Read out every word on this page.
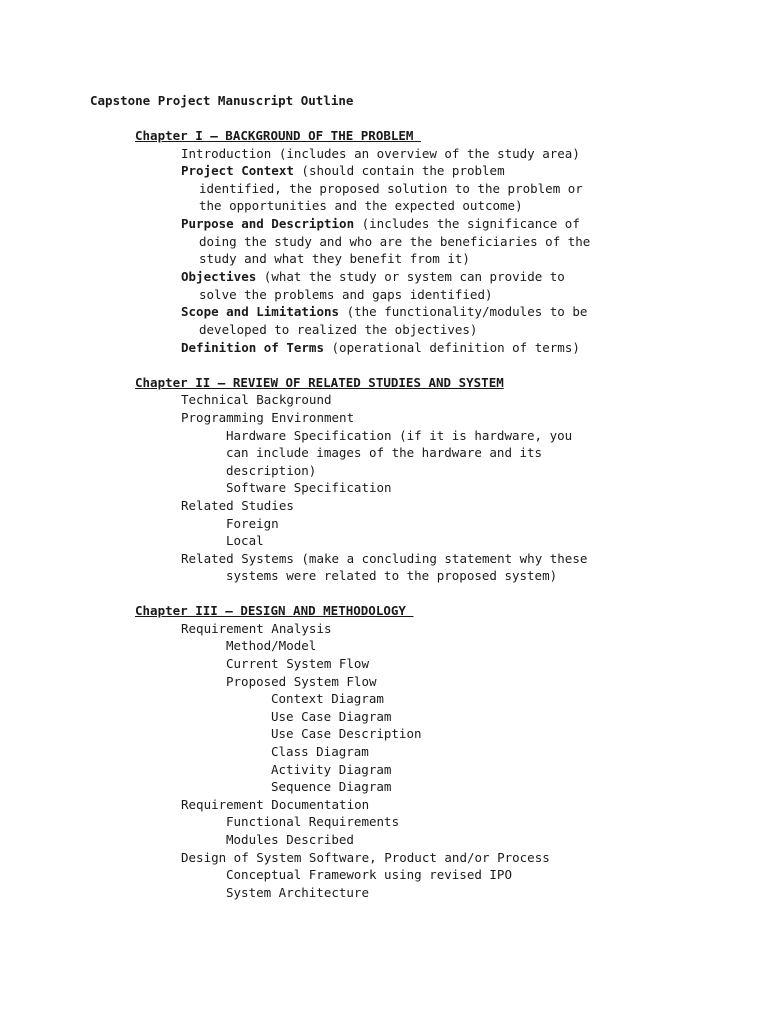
Capstone Project Manuscript Outline
Chapter I – BACKGROUND OF THE PROBLEM
Introduction (includes an overview of the study area)
Project Context (should contain the problem
identified, the proposed solution to the problem or
the opportunities and the expected outcome)
Purpose and Description (includes the significance of
doing the study and who are the beneficiaries of the
study and what they benefit from it)
Objectives (what the study or system can provide to
solve the problems and gaps identified)
Scope and Limitations (the functionality/modules to be
developed to realized the objectives)
Definition of Terms (operational definition of terms)
Chapter II – REVIEW OF RELATED STUDIES AND SYSTEM
Technical Background
Programming Environment
Hardware Specification (if it is hardware, you
can include images of the hardware and its
description)
Software Specification
Related Studies
Foreign
Local
Related Systems (make a concluding statement why these
systems were related to the proposed system)
Chapter III – DESIGN AND METHODOLOGY
Requirement Analysis
Method/Model
Current System Flow
Proposed System Flow
Context Diagram
Use Case Diagram
Use Case Description
Class Diagram
Activity Diagram
Sequence Diagram
Requirement Documentation
Functional Requirements
Modules Described
Design of System Software, Product and/or Process
Conceptual Framework using revised IPO
System Architecture
